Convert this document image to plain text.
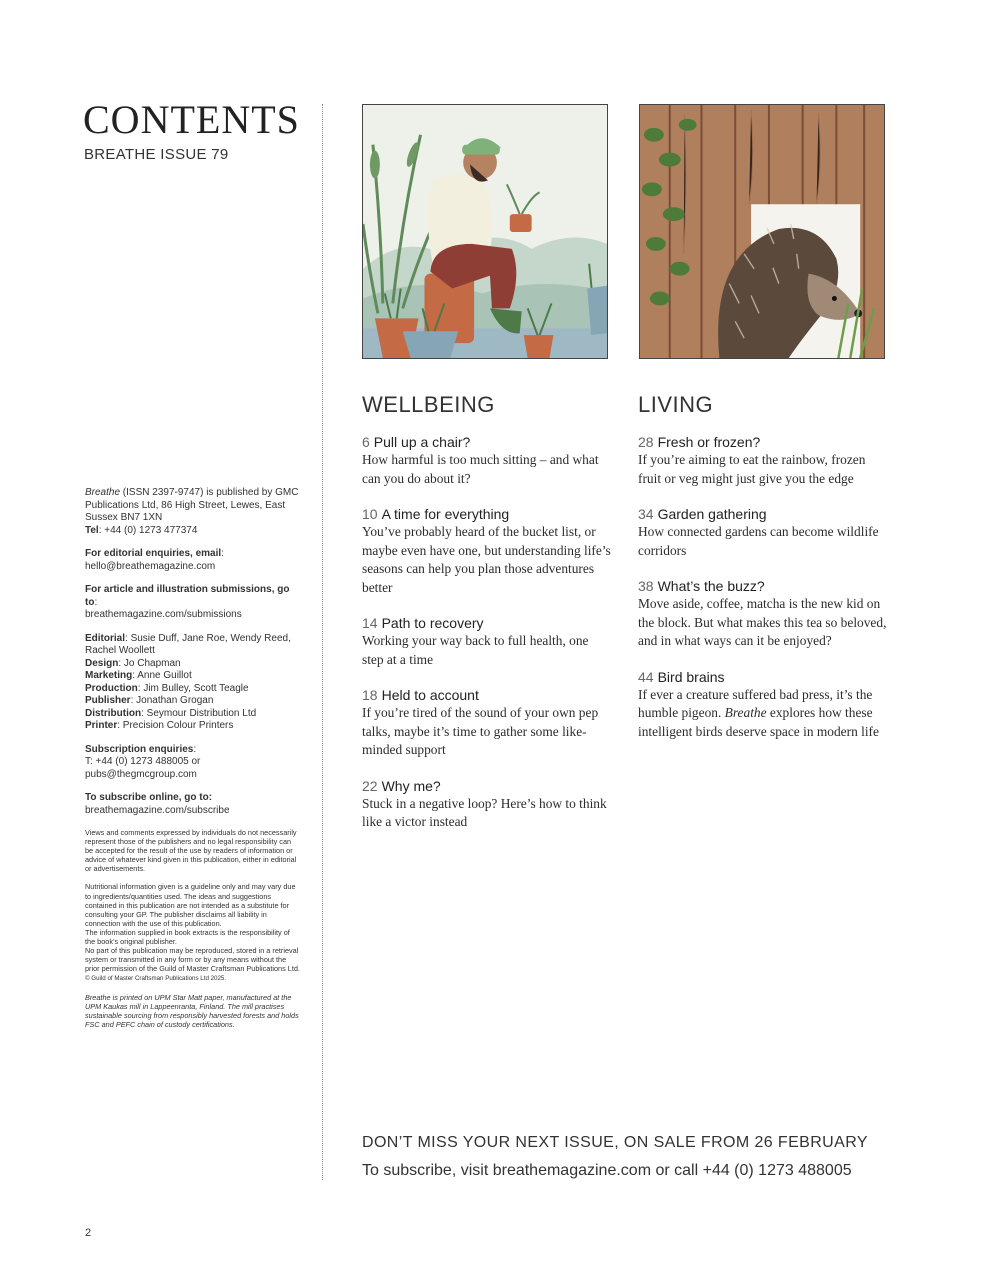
CONTENTS
BREATHE ISSUE 79

Breathe (ISSN 2397-9747) is published by GMC Publications Ltd, 86 High Street, Lewes, East Sussex BN7 1XN
Tel: +44 (0) 1273 477374

For editorial enquiries, email:
hello@breathemagazine.com

For article and illustration submissions, go to:
breathemagazine.com/submissions

Editorial: Susie Duff, Jane Roe, Wendy Reed, Rachel Woollett
Design: Jo Chapman
Marketing: Anne Guillot
Production: Jim Bulley, Scott Teagle
Publisher: Jonathan Grogan
Distribution: Seymour Distribution Ltd
Printer: Precision Colour Printers

Subscription enquiries:
T: +44 (0) 1273 488005 or
pubs@thegmcgroup.com

To subscribe online, go to:
breathemagazine.com/subscribe

Views and comments expressed by individuals do not necessarily represent those of the publishers and no legal responsibility can be accepted for the result of the use by readers of information or advice of whatever kind given in this publication, either in editorial or advertisements.

Nutritional information given is a guideline only and may vary due to ingredients/quantities used. The ideas and suggestions contained in this publication are not intended as a substitute for consulting your GP. The publisher disclaims all liability in connection with the use of this publication.
The information supplied in book extracts is the responsibility of the book’s original publisher.
No part of this publication may be reproduced, stored in a retrieval system or transmitted in any form or by any means without the prior permission of the Guild of Master Craftsman Publications Ltd.
© Guild of Master Craftsman Publications Ltd 2025.

Breathe is printed on UPM Star Matt paper, manufactured at the UPM Kaukas mill in Lappeenranta, Finland. The mill practises sustainable sourcing from responsibly harvested forests and holds FSC and PEFC chain of custody certifications.

WELLBEING
6 Pull up a chair?
How harmful is too much sitting – and what can you do about it?
10 A time for everything
You’ve probably heard of the bucket list, or maybe even have one, but understanding life’s seasons can help you plan those adventures better
14 Path to recovery
Working your way back to full health, one step at a time
18 Held to account
If you’re tired of the sound of your own pep talks, maybe it’s time to gather some like-minded support
22 Why me?
Stuck in a negative loop? Here’s how to think like a victor instead
LIVING
28 Fresh or frozen?
If you’re aiming to eat the rainbow, frozen fruit or veg might just give you the edge
34 Garden gathering
How connected gardens can become wildlife corridors
38 What’s the buzz?
Move aside, coffee, matcha is the new kid on the block. But what makes this tea so beloved, and in what ways can it be enjoyed?
44 Bird brains
If ever a creature suffered bad press, it’s the humble pigeon. Breathe explores how these intelligent birds deserve space in modern life
DON’T MISS YOUR NEXT ISSUE, ON SALE FROM 26 FEBRUARY
To subscribe, visit breathemagazine.com or call +44 (0) 1273 488005
2
